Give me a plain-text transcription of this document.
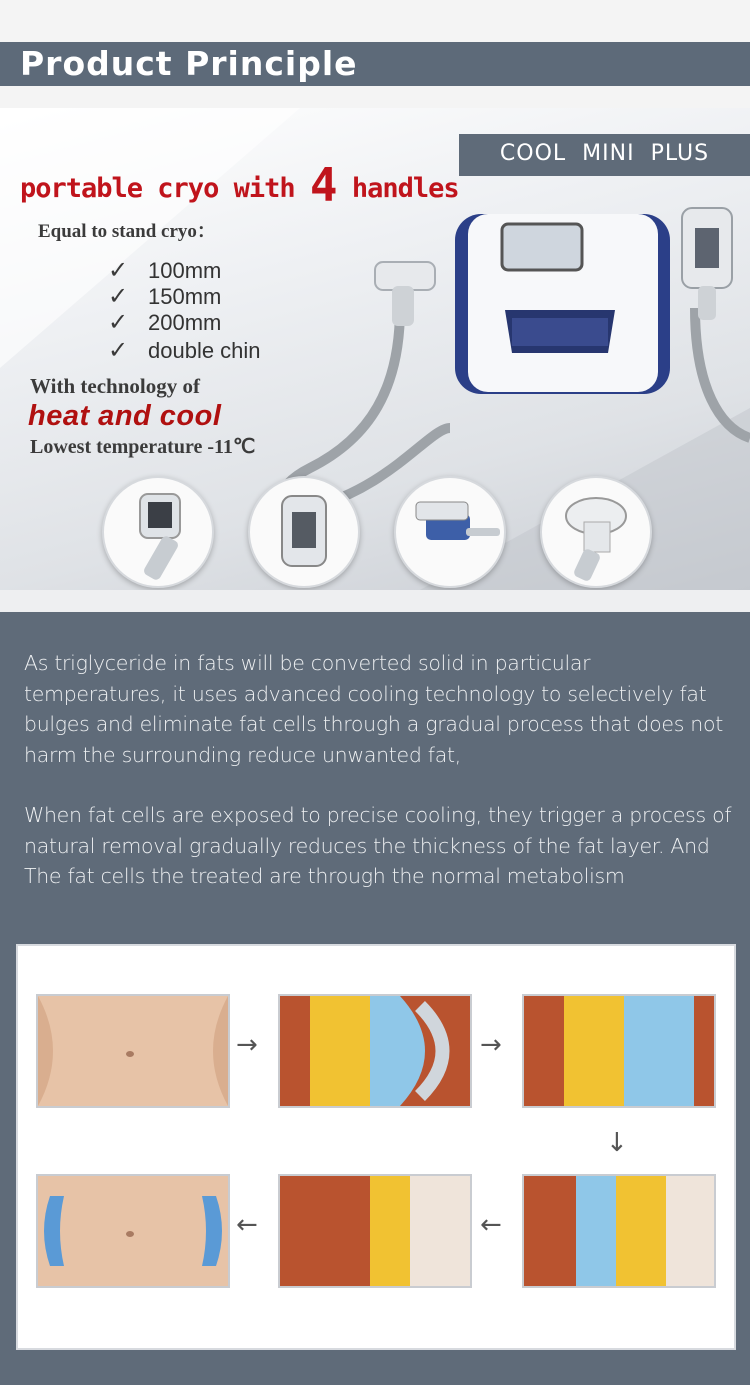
Product Principle
COOL MINI PLUS
portable cryo with 4 handles
Equal to stand cryo：
✓ 100mm
✓ 150mm
✓ 200mm
✓ double chin
With technology of
heat and cool
Lowest temperature -11℃
As triglyceride in fats will be converted solid in particular temperatures, it uses advanced cooling technology to selectively fat bulges and eliminate fat cells through a gradual process that does not harm the surrounding reduce unwanted fat,
When fat cells are exposed to precise cooling, they trigger a process of natural removal gradually reduces the thickness of the fat layer. And The fat cells the treated are through the normal metabolism
→	→
↓
←	←
